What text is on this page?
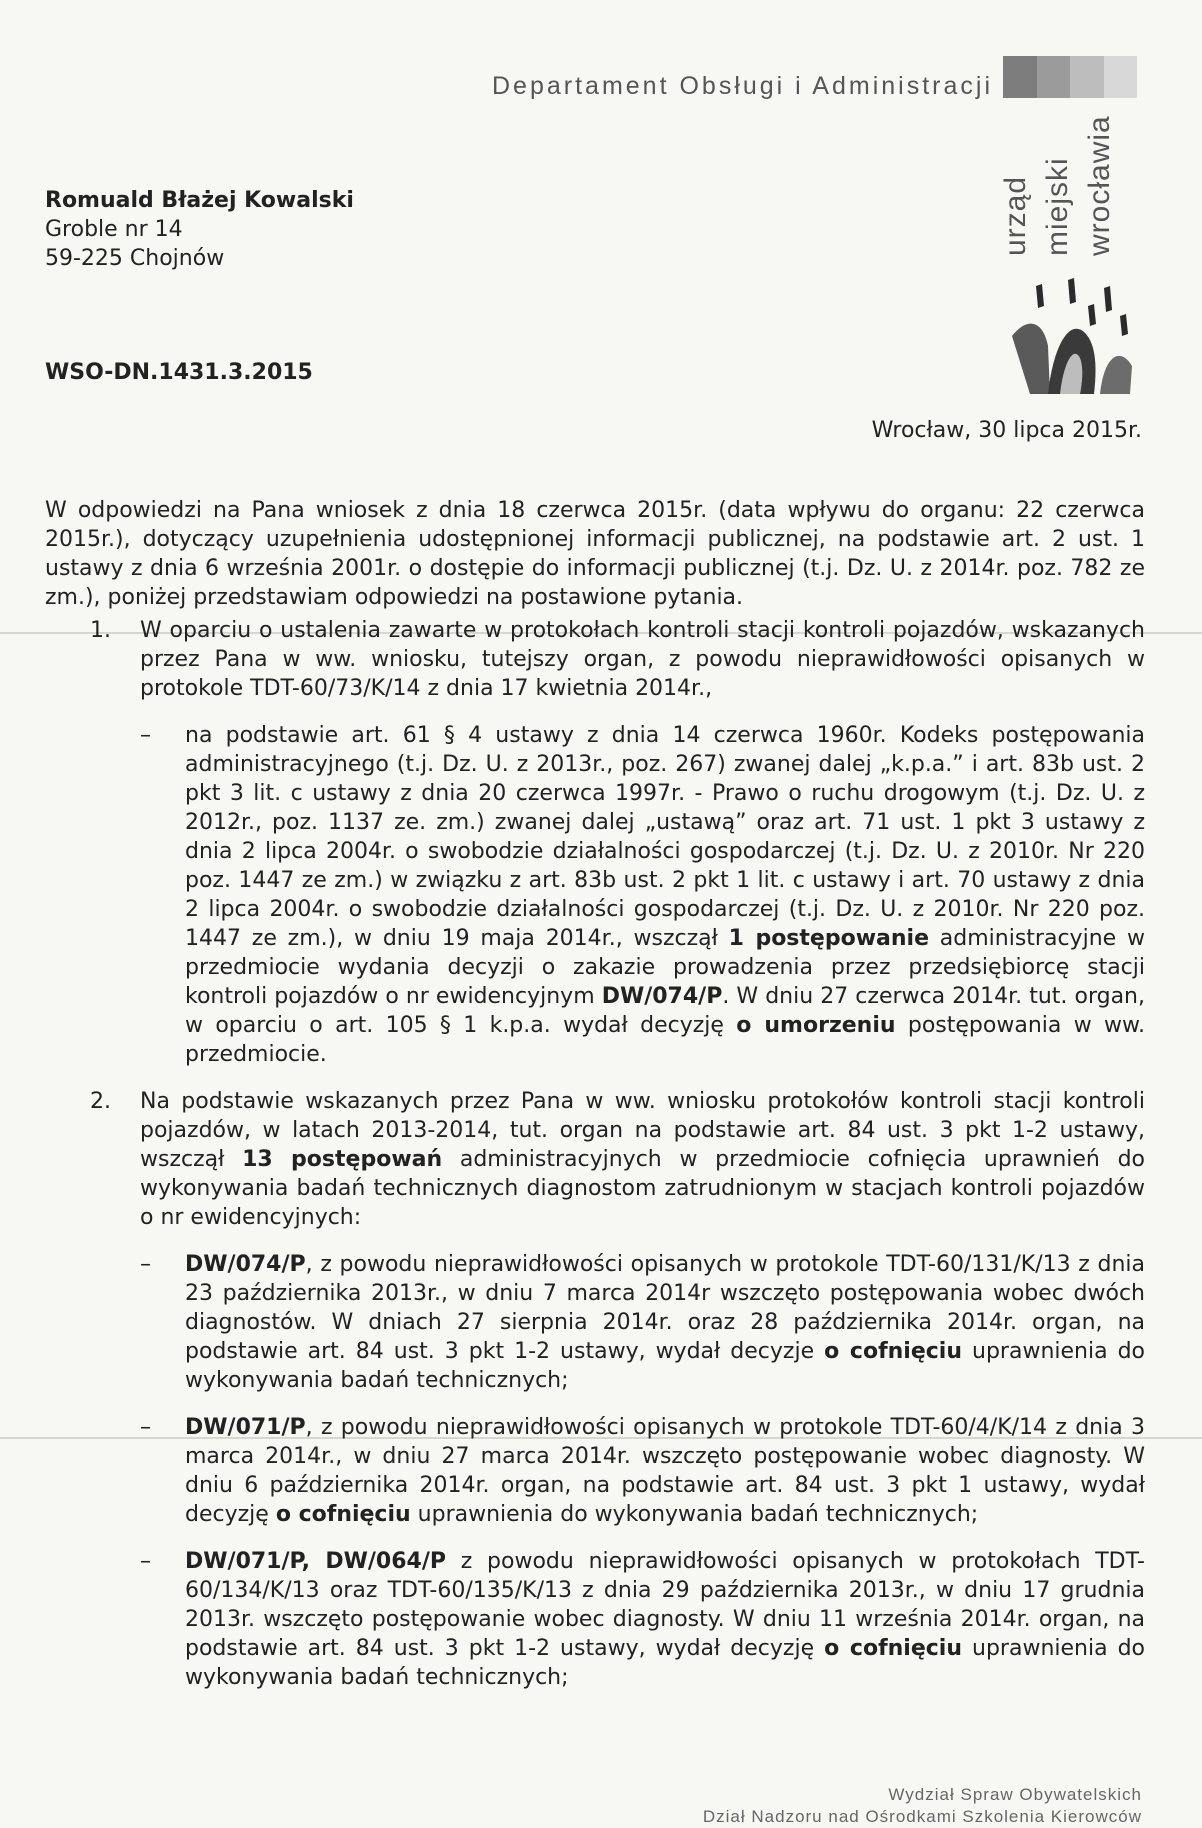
Departament Obsługi i Administracji
urząd miejski wrocławia
Romuald Błażej Kowalski
Groble nr 14
59-225 Chojnów
WSO-DN.1431.3.2015
Wrocław, 30 lipca 2015r.
W odpowiedzi na Pana wniosek z dnia 18 czerwca 2015r. (data wpływu do organu: 22 czerwca 2015r.), dotyczący uzupełnienia udostępnionej informacji publicznej, na podstawie art. 2 ust. 1 ustawy z dnia 6 września 2001r. o dostępie do informacji publicznej (t.j. Dz. U. z 2014r. poz. 782 ze zm.), poniżej przedstawiam odpowiedzi na postawione pytania.
1. W oparciu o ustalenia zawarte w protokołach kontroli stacji kontroli pojazdów, wskazanych przez Pana w ww. wniosku, tutejszy organ, z powodu nieprawidłowości opisanych w protokole TDT-60/73/K/14 z dnia 17 kwietnia 2014r.,
– na podstawie art. 61 § 4 ustawy z dnia 14 czerwca 1960r. Kodeks postępowania administracyjnego (t.j. Dz. U. z 2013r., poz. 267) zwanej dalej „k.p.a.” i art. 83b ust. 2 pkt 3 lit. c ustawy z dnia 20 czerwca 1997r. - Prawo o ruchu drogowym (t.j. Dz. U. z 2012r., poz. 1137 ze. zm.) zwanej dalej „ustawą” oraz art. 71 ust. 1 pkt 3 ustawy z dnia 2 lipca 2004r. o swobodzie działalności gospodarczej (t.j. Dz. U. z 2010r. Nr 220 poz. 1447 ze zm.) w związku z art. 83b ust. 2 pkt 1 lit. c ustawy i art. 70 ustawy z dnia 2 lipca 2004r. o swobodzie działalności gospodarczej (t.j. Dz. U. z 2010r. Nr 220 poz. 1447 ze zm.), w dniu 19 maja 2014r., wszczął 1 postępowanie administracyjne w przedmiocie wydania decyzji o zakazie prowadzenia przez przedsiębiorcę stacji kontroli pojazdów o nr ewidencyjnym DW/074/P. W dniu 27 czerwca 2014r. tut. organ, w oparciu o art. 105 § 1 k.p.a. wydał decyzję o umorzeniu postępowania w ww. przedmiocie.
2. Na podstawie wskazanych przez Pana w ww. wniosku protokołów kontroli stacji kontroli pojazdów, w latach 2013-2014, tut. organ na podstawie art. 84 ust. 3 pkt 1-2 ustawy, wszczął 13 postępowań administracyjnych w przedmiocie cofnięcia uprawnień do wykonywania badań technicznych diagnostom zatrudnionym w stacjach kontroli pojazdów o nr ewidencyjnych:
– DW/074/P, z powodu nieprawidłowości opisanych w protokole TDT-60/131/K/13 z dnia 23 października 2013r., w dniu 7 marca 2014r wszczęto postępowania wobec dwóch diagnostów. W dniach 27 sierpnia 2014r. oraz 28 października 2014r. organ, na podstawie art. 84 ust. 3 pkt 1-2 ustawy, wydał decyzje o cofnięciu uprawnienia do wykonywania badań technicznych;
– DW/071/P, z powodu nieprawidłowości opisanych w protokole TDT-60/4/K/14 z dnia 3 marca 2014r., w dniu 27 marca 2014r. wszczęto postępowanie wobec diagnosty. W dniu 6 października 2014r. organ, na podstawie art. 84 ust. 3 pkt 1 ustawy, wydał decyzję o cofnięciu uprawnienia do wykonywania badań technicznych;
– DW/071/P, DW/064/P z powodu nieprawidłowości opisanych w protokołach TDT-60/134/K/13 oraz TDT-60/135/K/13 z dnia 29 października 2013r., w dniu 17 grudnia 2013r. wszczęto postępowanie wobec diagnosty. W dniu 11 września 2014r. organ, na podstawie art. 84 ust. 3 pkt 1-2 ustawy, wydał decyzję o cofnięciu uprawnienia do wykonywania badań technicznych;
Wydział Spraw Obywatelskich
Dział Nadzoru nad Ośrodkami Szkolenia Kierowców
